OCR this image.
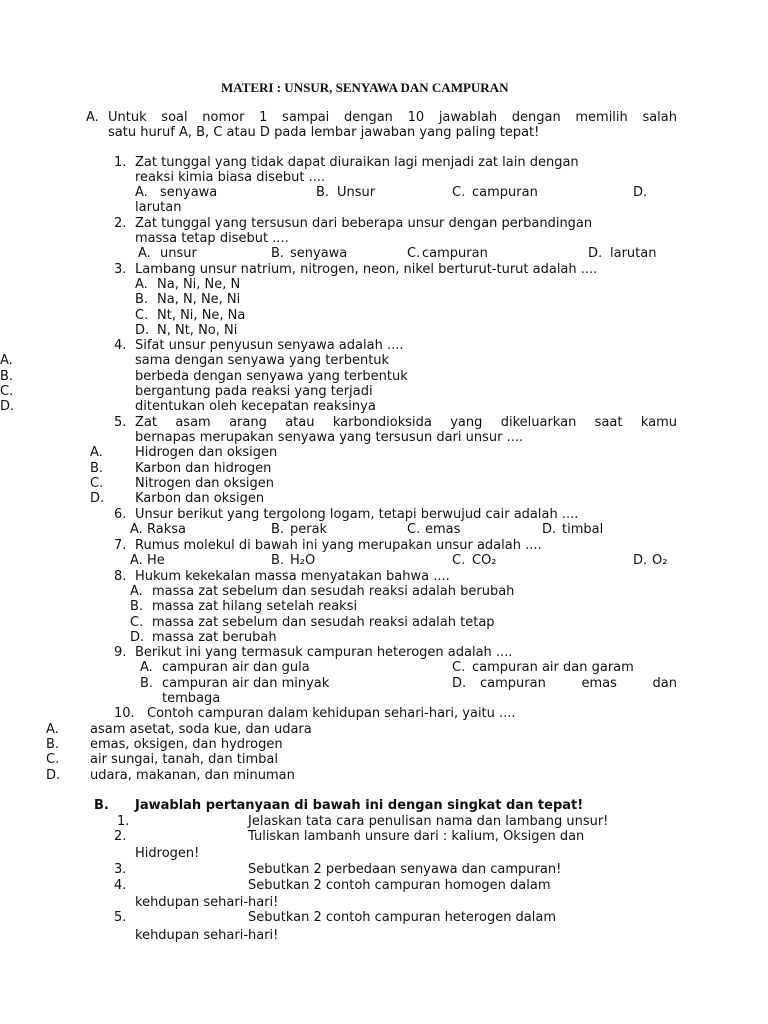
MATERI : UNSUR, SENYAWA DAN CAMPURAN
A. Untuk soal nomor 1 sampai dengan 10 jawablah dengan memilih salah
satu huruf A, B, C atau D pada lembar jawaban yang paling tepat!
1. Zat tunggal yang tidak dapat diuraikan lagi menjadi zat lain dengan
reaksi kimia biasa disebut ....
A. senyawa	B. Unsur	C. campuran	D.
larutan
2. Zat tunggal yang tersusun dari beberapa unsur dengan perbandingan
massa tetap disebut ....
A. unsur	B. senyawa	C. campuran	D. larutan
3. Lambang unsur natrium, nitrogen, neon, nikel berturut-turut adalah ....
A. Na, Ni, Ne, N
B. Na, N, Ne, Ni
C. Nt, Ni, Ne, Na
D. N, Nt, No, Ni
4. Sifat unsur penyusun senyawa adalah ....
A.	sama dengan senyawa yang terbentuk
B.	berbeda dengan senyawa yang terbentuk
C.	bergantung pada reaksi yang terjadi
D.	ditentukan oleh kecepatan reaksinya
5. Zat asam arang atau karbondioksida yang dikeluarkan saat kamu
bernapas merupakan senyawa yang tersusun dari unsur ....
A. Hidrogen dan oksigen
B. Karbon dan hidrogen
C. Nitrogen dan oksigen
D. Karbon dan oksigen
6. Unsur berikut yang tergolong logam, tetapi berwujud cair adalah ....
A. Raksa	B. perak	C. emas	D. timbal
7. Rumus molekul di bawah ini yang merupakan unsur adalah ....
A. He	B. H₂O	C. CO₂	D. O₂
8. Hukum kekekalan massa menyatakan bahwa ....
A. massa zat sebelum dan sesudah reaksi adalah berubah
B. massa zat hilang setelah reaksi
C. massa zat sebelum dan sesudah reaksi adalah tetap
D. massa zat berubah
9. Berikut ini yang termasuk campuran heterogen adalah ....
A. campuran air dan gula	C. campuran air dan garam
B. campuran air dan minyak	D. campuran emas dan
tembaga
10. Contoh campuran dalam kehidupan sehari-hari, yaitu ....
A. asam asetat, soda kue, dan udara
B. emas, oksigen, dan hydrogen
C. air sungai, tanah, dan timbal
D. udara, makanan, dan minuman
B. Jawablah pertanyaan di bawah ini dengan singkat dan tepat!
1.	Jelaskan tata cara penulisan nama dan lambang unsur!
2.	Tuliskan lambanh unsure dari : kalium, Oksigen dan
Hidrogen!
3.	Sebutkan 2 perbedaan senyawa dan campuran!
4.	Sebutkan 2 contoh campuran homogen dalam
kehdupan sehari-hari!
5.	Sebutkan 2 contoh campuran heterogen dalam
kehdupan sehari-hari!
